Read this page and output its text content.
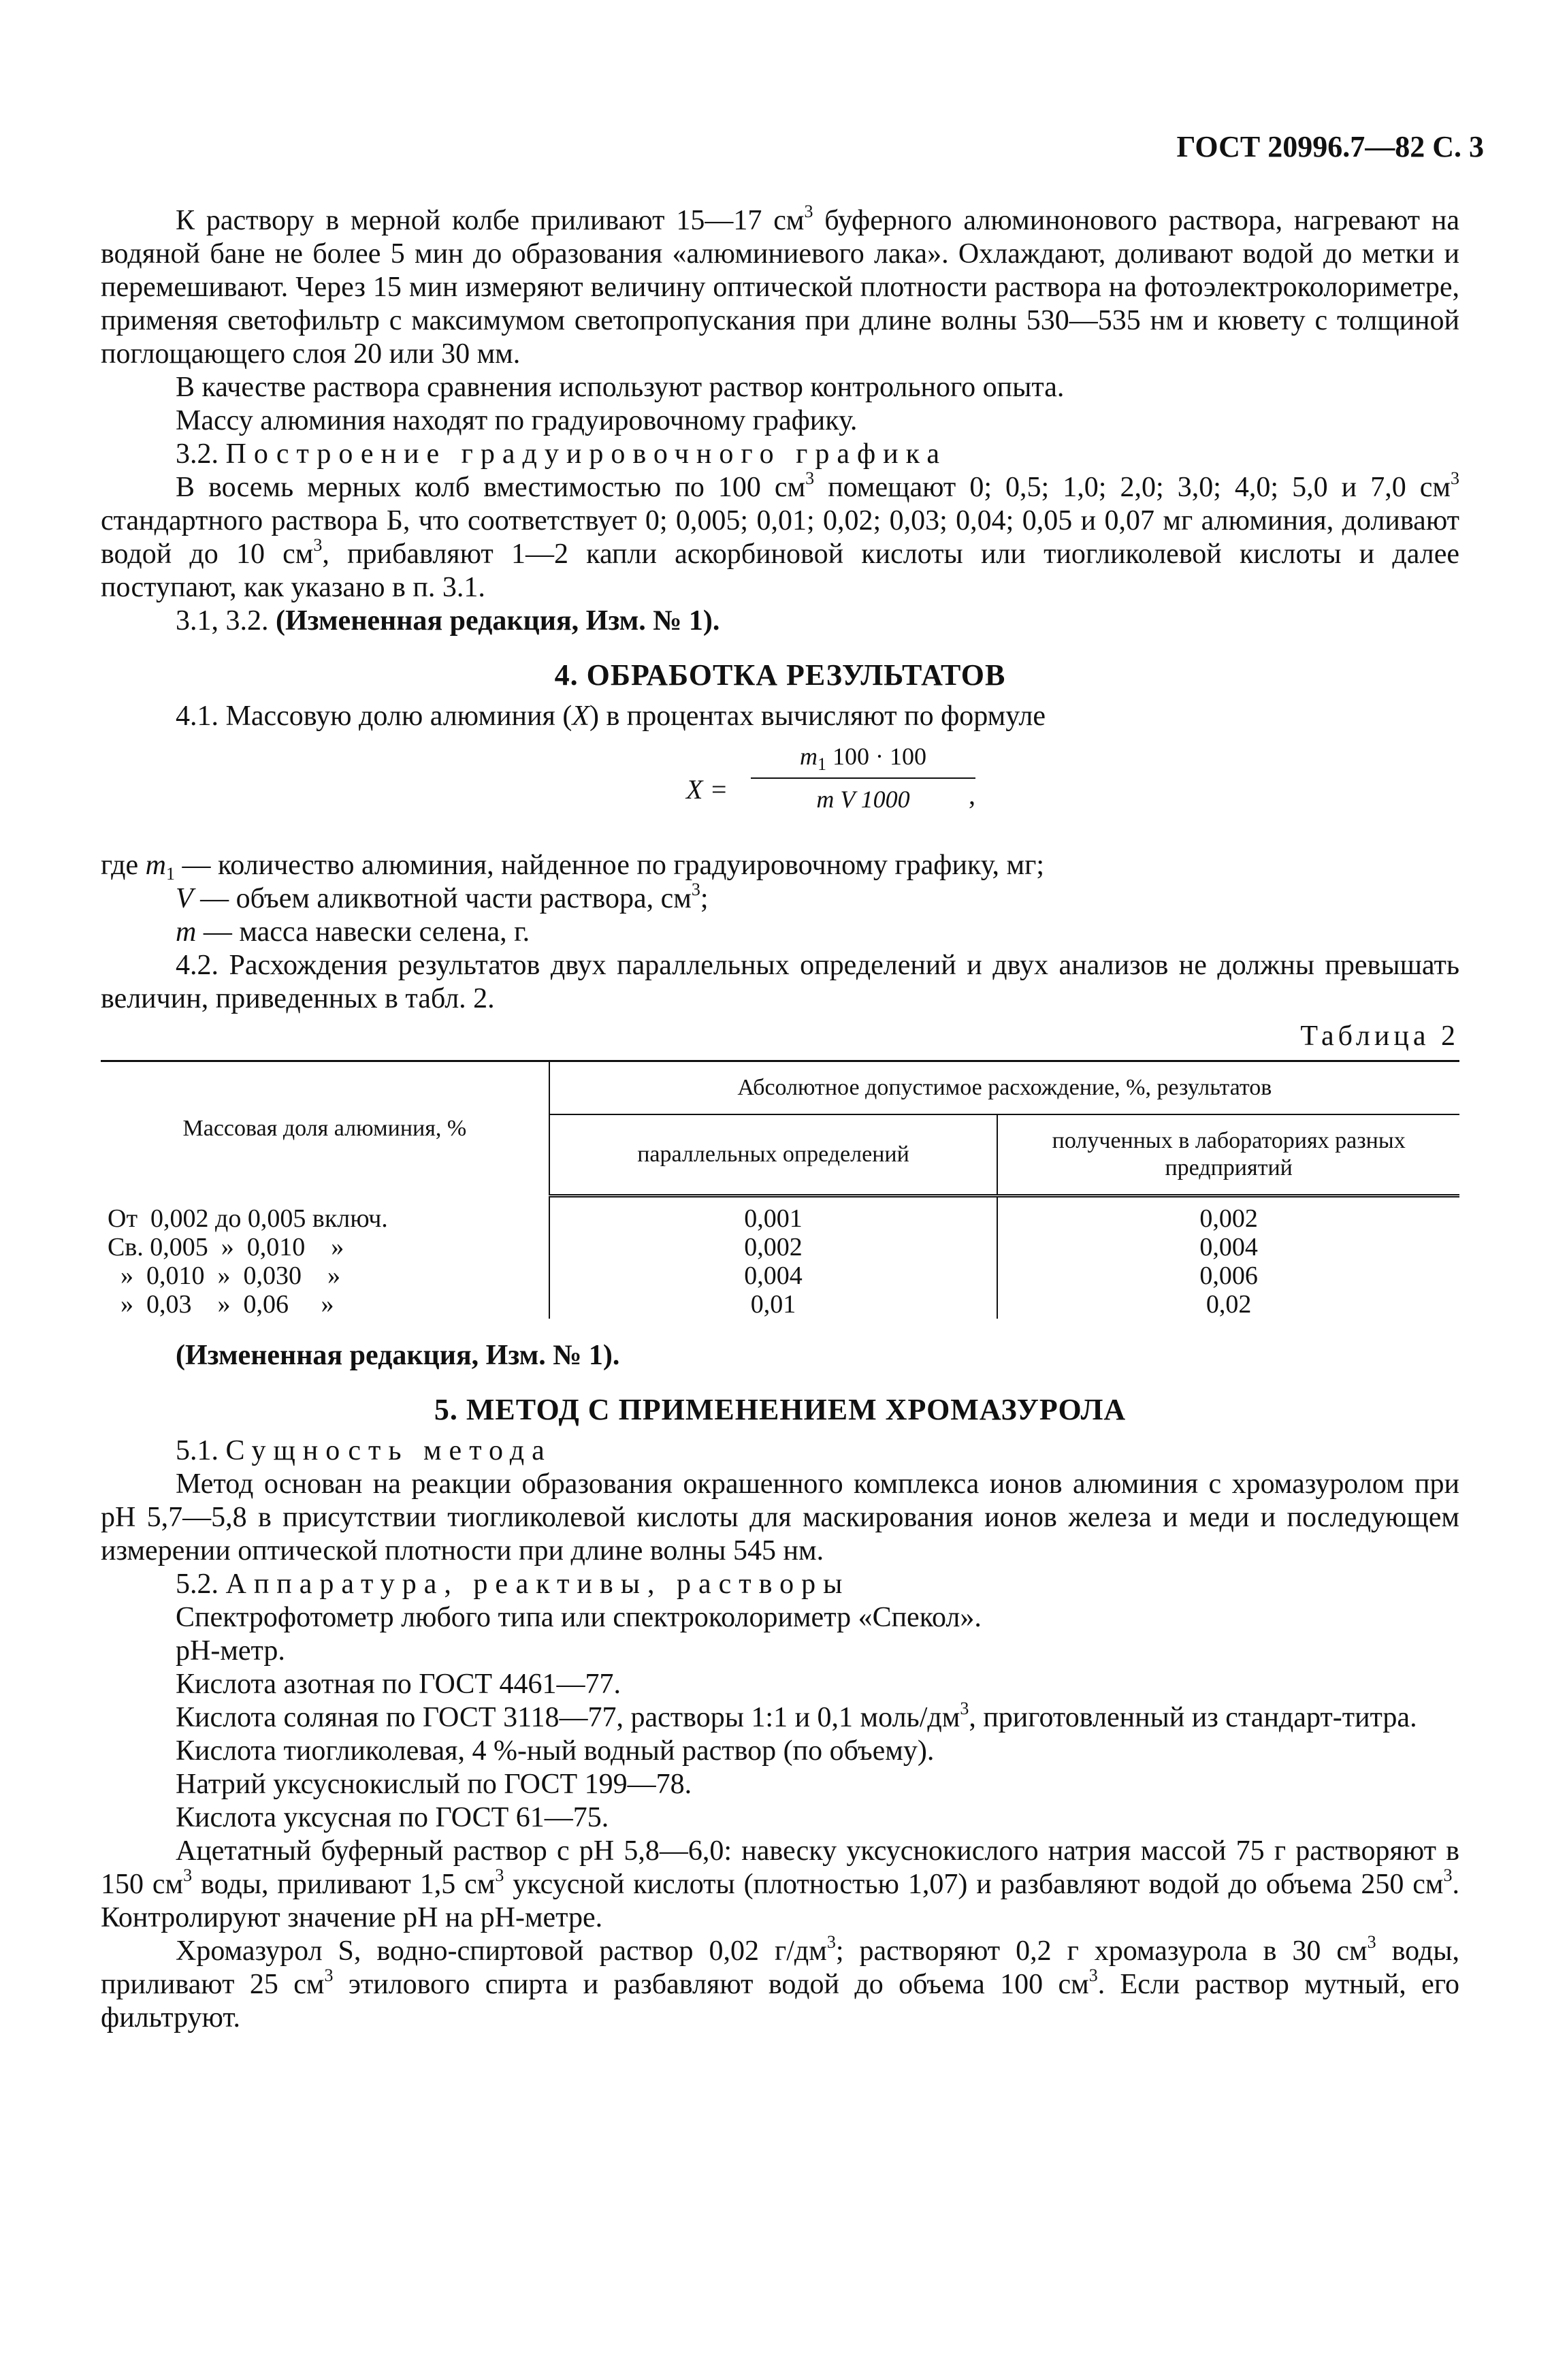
ГОСТ 20996.7—82 С. 3

К раствору в мерной колбе приливают 15—17 $см^3$ буферного алюминонового раствора, нагревают на водяной бане не более 5 мин до образования «алюминиевого лака». Охлаждают, доливают водой до метки и перемешивают. Через 15 мин измеряют величину оптической плотности раствора на фотоэлектроколориметре, применяя светофильтр с максимумом светопропускания при длине волны 530—535 нм и кювету с толщиной поглощающего слоя 20 или 30 мм.

В качестве раствора сравнения используют раствор контрольного опыта.

Массу алюминия находят по градуировочному графику.

3.2. Построение градуировочного графика

В восемь мерных колб вместимостью по 100 $см^3$ помещают 0; 0,5; 1,0; 2,0; 3,0; 4,0; 5,0 и 7,0 $см^3$ стандартного раствора Б, что соответствует 0; 0,005; 0,01; 0,02; 0,03; 0,04; 0,05 и 0,07 мг алюминия, доливают водой до 10 $см^3$, прибавляют 1—2 капли аскорбиновой кислоты или тиогликолевой кислоты и далее поступают, как указано в п. 3.1.

3.1, 3.2. (Измененная редакция, Изм. № 1).

4. ОБРАБОТКА РЕЗУЛЬТАТОВ

4.1. Массовую долю алюминия (X) в процентах вычисляют по формуле

$X = \frac{m_1 100 \cdot 100}{\text{m V 1000}}$
,
где $m_1$ — количество алюминия, найденное по градуировочному графику, мг;
V — объем аликвотной части раствора, $см^3$;
m — масса навески селена, г.

4.2. Расхождения результатов двух параллельных определений и двух анализов не должны превышать величин, приведенных в табл. 2.

Таблица 2
Массовая доля алюминия, %	Абсолютное допустимое расхождение, %, результатов	
	параллельных определений	полученных в лабораториях разных предприятий

От  0,002 до 0,005 включ.	0,001	0,002
Св. 0,005  »  0,010    »	0,002	0,004
»  0,010  »  0,030    »	0,004	0,006
»  0,03    »  0,06     »	0,01	0,02

(Измененная редакция, Изм. № 1).

5. МЕТОД С ПРИМЕНЕНИЕМ ХРОМАЗУРОЛА

5.1. Сущность метода

Метод основан на реакции образования окрашенного комплекса ионов алюминия с хромазуролом при pH 5,7—5,8 в присутствии тиогликолевой кислоты для маскирования ионов железа и меди и последующем измерении оптической плотности при длине волны 545 нм.

5.2. Аппаратура, реактивы, растворы

Спектрофотометр любого типа или спектроколориметр «Спекол».

pH-метр.

Кислота азотная по ГОСТ 4461—77.

Кислота соляная по ГОСТ 3118—77, растворы 1:1 и 0,1 моль/$дм^3$, приготовленный из стандарт-титра.

Кислота тиогликолевая, 4 %-ный водный раствор (по объему).

Натрий уксуснокислый по ГОСТ 199—78.

Кислота уксусная по ГОСТ 61—75.

Ацетатный буферный раствор с pH 5,8—6,0: навеску уксуснокислого натрия массой 75 г растворяют в 150 $см^3$ воды, приливают 1,5 $см^3$ уксусной кислоты (плотностью 1,07) и разбавляют водой до объема 250 $см^3$. Контролируют значение pH на pH-метре.

Хромазурол S, водно-спиртовой раствор 0,02 $г/дм^3$; растворяют 0,2 г хромазурола в 30 $см^3$ воды, приливают 25 $см^3$ этилового спирта и разбавляют водой до объема 100 $см^3$. Если раствор мутный, его фильтруют.
